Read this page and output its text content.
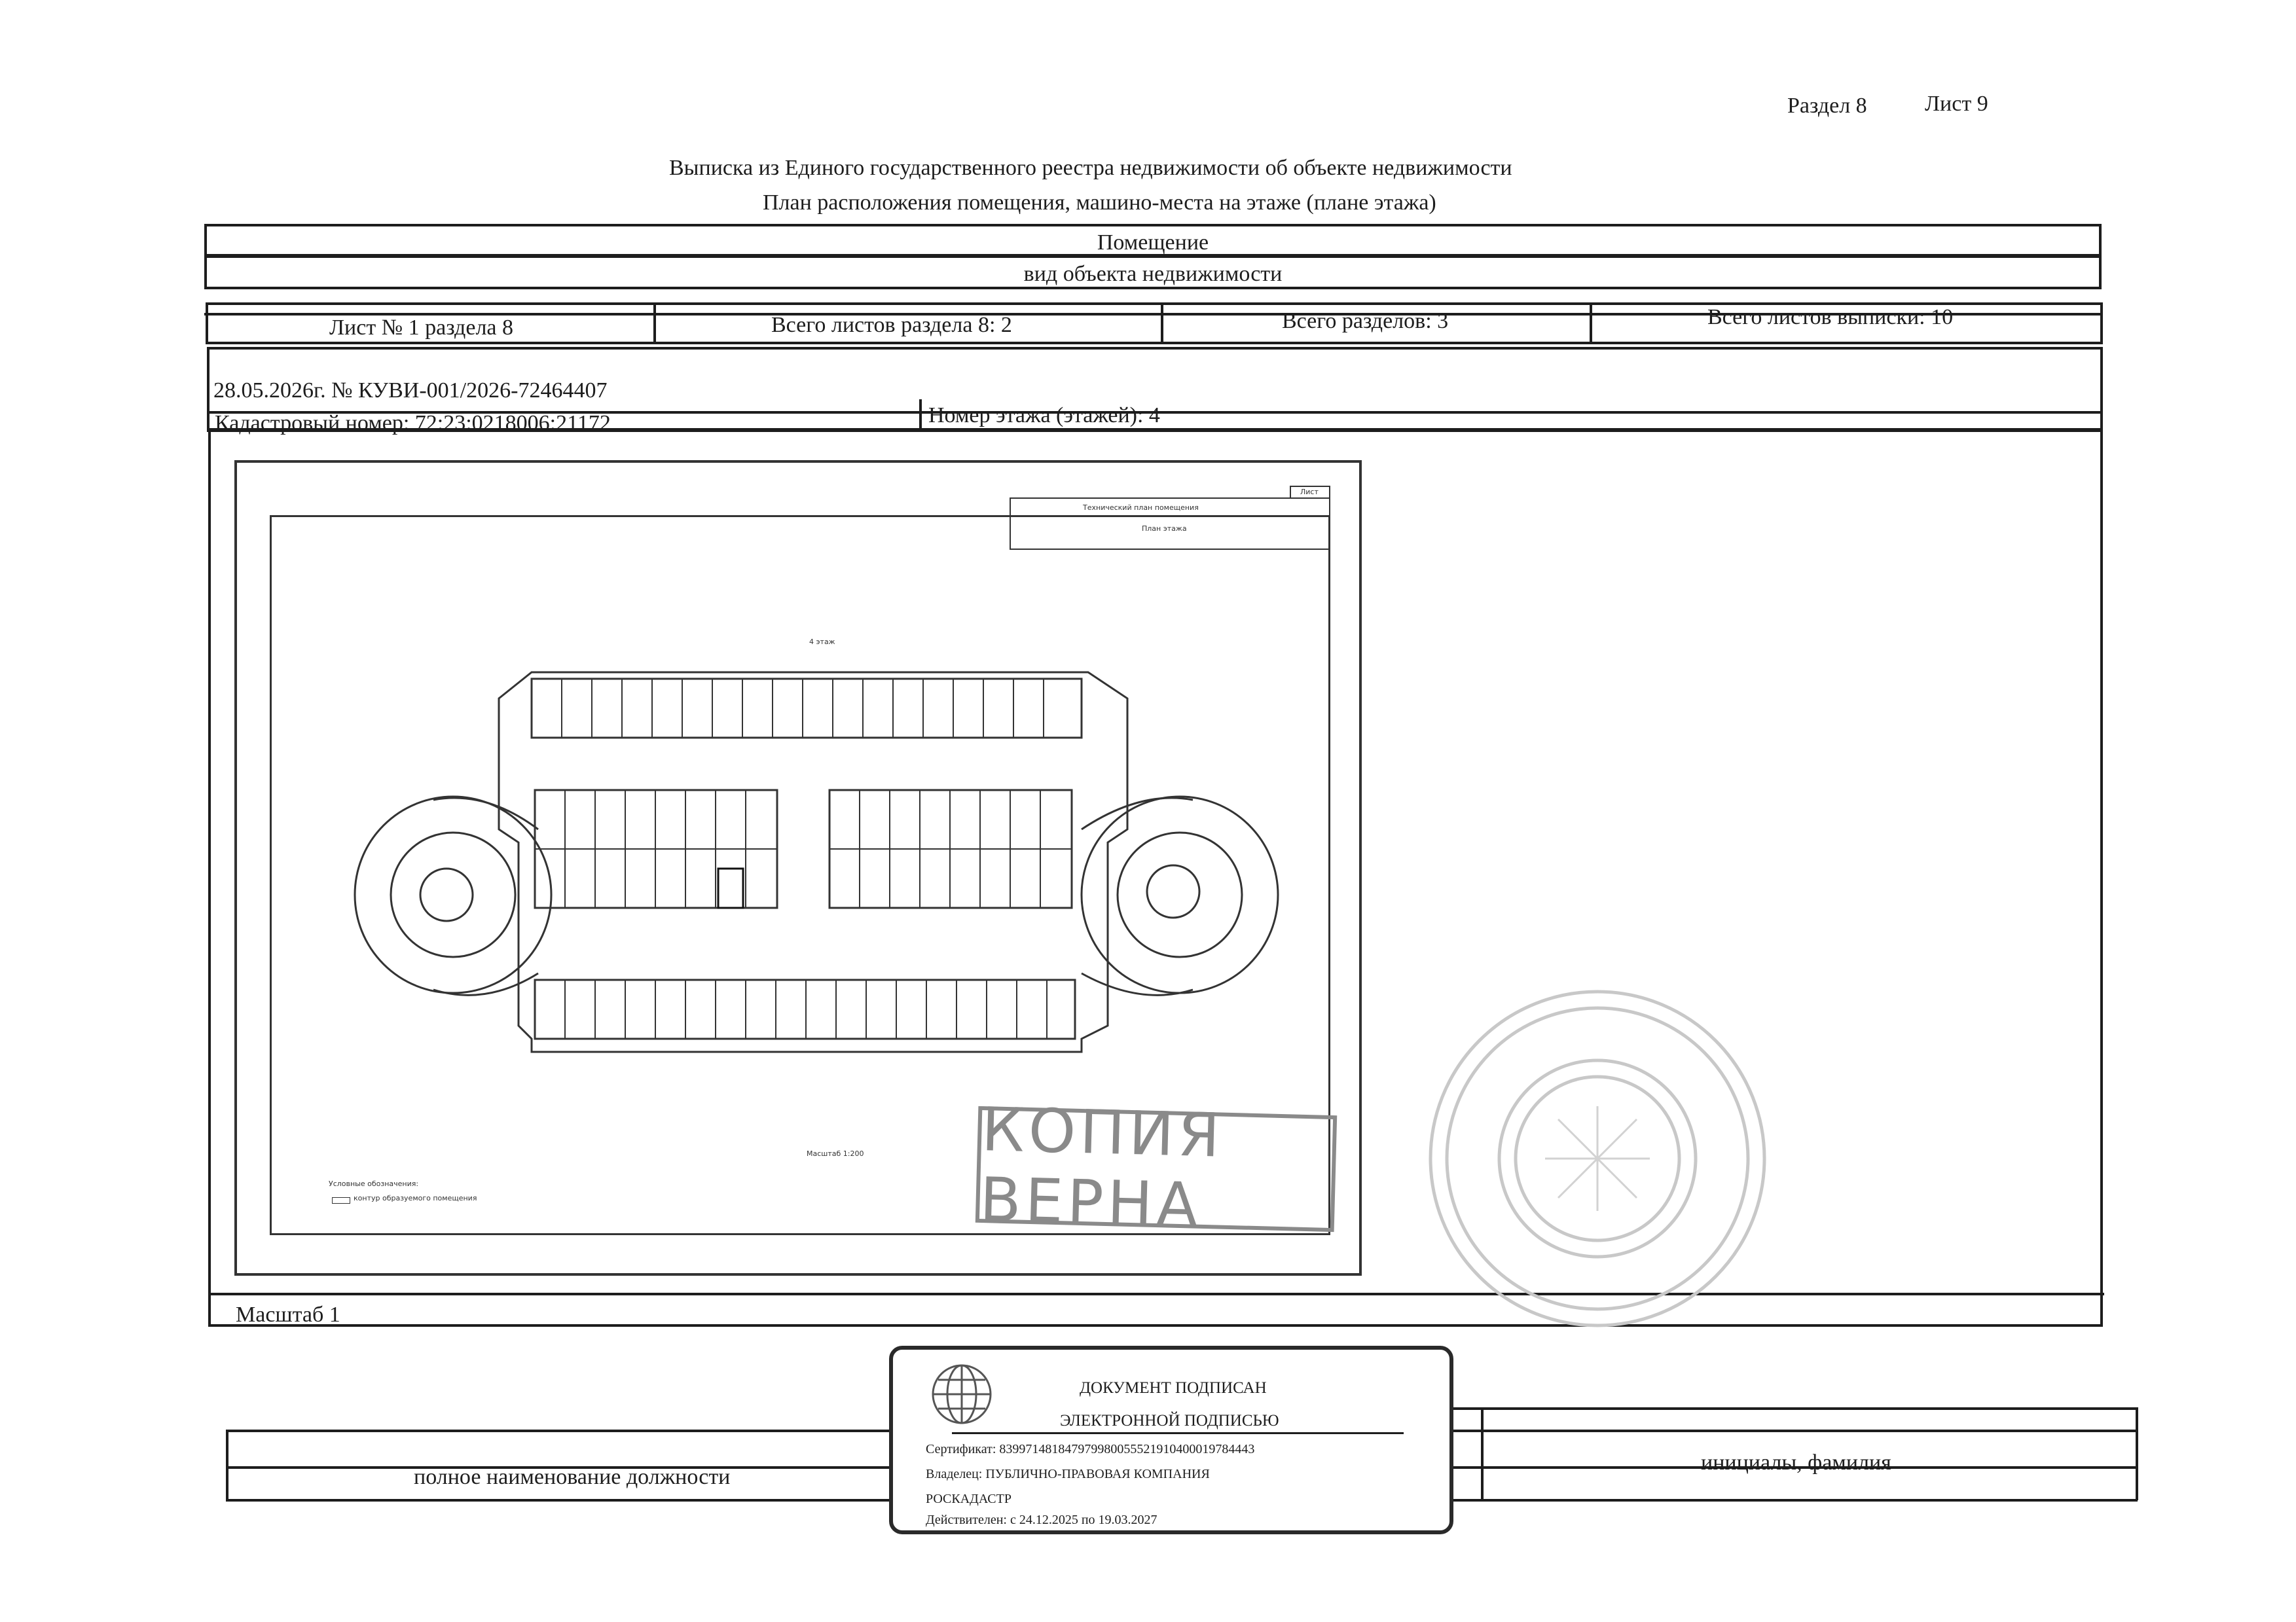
Раздел 8	Лист 9
Выписка из Единого государственного реестра недвижимости об объекте недвижимости
План расположения помещения, машино-места на этаже (плане этажа)
Помещение
вид объекта недвижимости
Лист № 1 раздела 8	Всего листов раздела 8: 2	Всего разделов: 3	Всего листов выписки: 10
28.05.2026г. № КУВИ-001/2026-72464407
Кадастровый номер: 72:23:0218006:21172	Номер этажа (этажей): 4
Масштаб 1
Технический план помещения
План этажа
Лист
4 этаж
Масштаб 1:200
Условные обозначения:
контур образуемого помещения
КОПИЯ ВЕРНА
полное наименование должности
инициалы, фамилия
ДОКУМЕНТ ПОДПИСАН
ЭЛЕКТРОННОЙ ПОДПИСЬЮ
Сертификат: 839971481847979980055521910400019784443
Владелец: ПУБЛИЧНО-ПРАВОВАЯ КОМПАНИЯ
РОСКАДАСТР
Действителен: с 24.12.2025 по 19.03.2027
